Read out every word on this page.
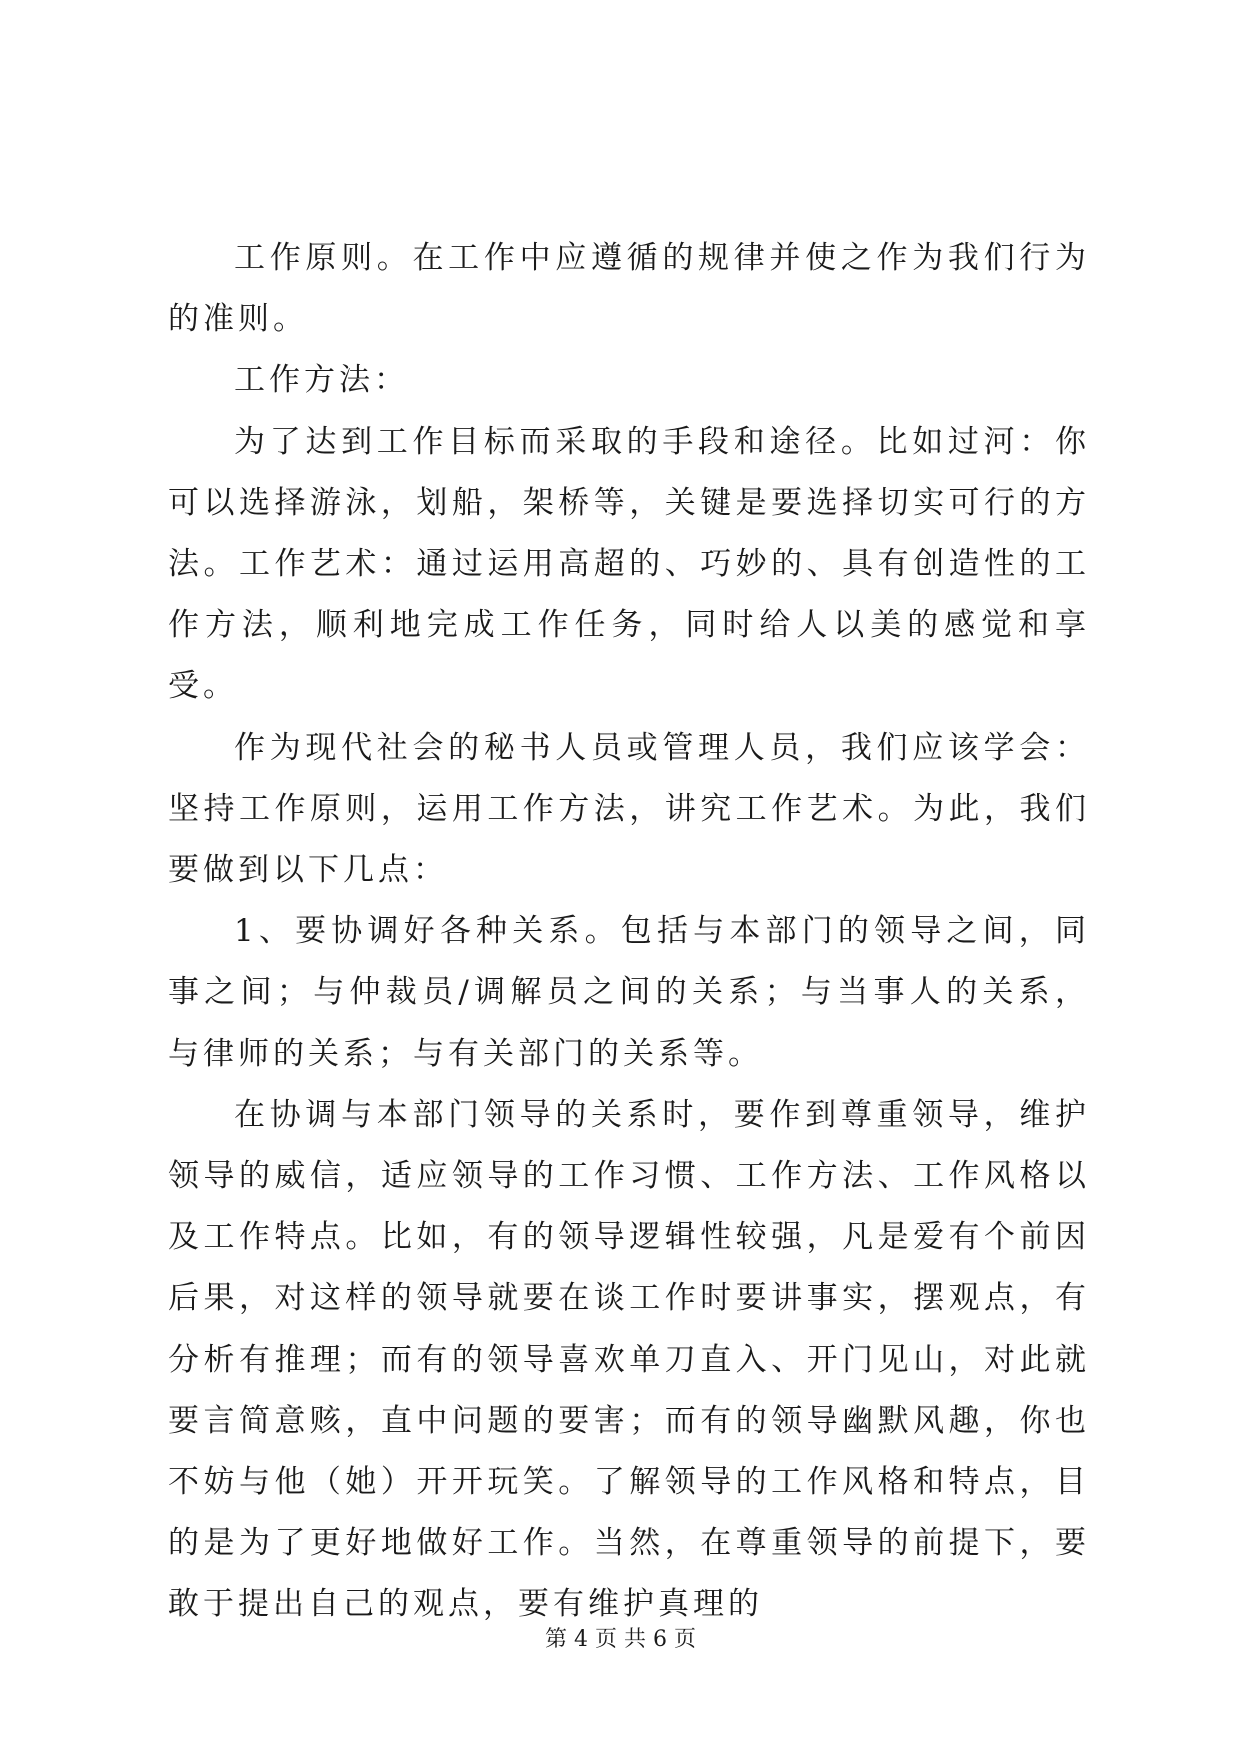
工作原则。在工作中应遵循的规律并使之作为我们行为的准则。

工作方法：

为了达到工作目标而采取的手段和途径。比如过河：你可以选择游泳，划船，架桥等，关键是要选择切实可行的方法。工作艺术：通过运用高超的、巧妙的、具有创造性的工作方法，顺利地完成工作任务，同时给人以美的感觉和享受。

作为现代社会的秘书人员或管理人员，我们应该学会：坚持工作原则，运用工作方法，讲究工作艺术。为此，我们要做到以下几点：

1、要协调好各种关系。包括与本部门的领导之间，同事之间；与仲裁员/调解员之间的关系；与当事人的关系，与律师的关系；与有关部门的关系等。

在协调与本部门领导的关系时，要作到尊重领导，维护领导的威信，适应领导的工作习惯、工作方法、工作风格以及工作特点。比如，有的领导逻辑性较强，凡是爱有个前因后果，对这样的领导就要在谈工作时要讲事实，摆观点，有分析有推理；而有的领导喜欢单刀直入、开门见山，对此就要言简意赅，直中问题的要害；而有的领导幽默风趣，你也不妨与他（她）开开玩笑。了解领导的工作风格和特点，目的是为了更好地做好工作。当然，在尊重领导的前提下，要敢于提出自己的观点，要有维护真理的

第 4 页 共 6 页
